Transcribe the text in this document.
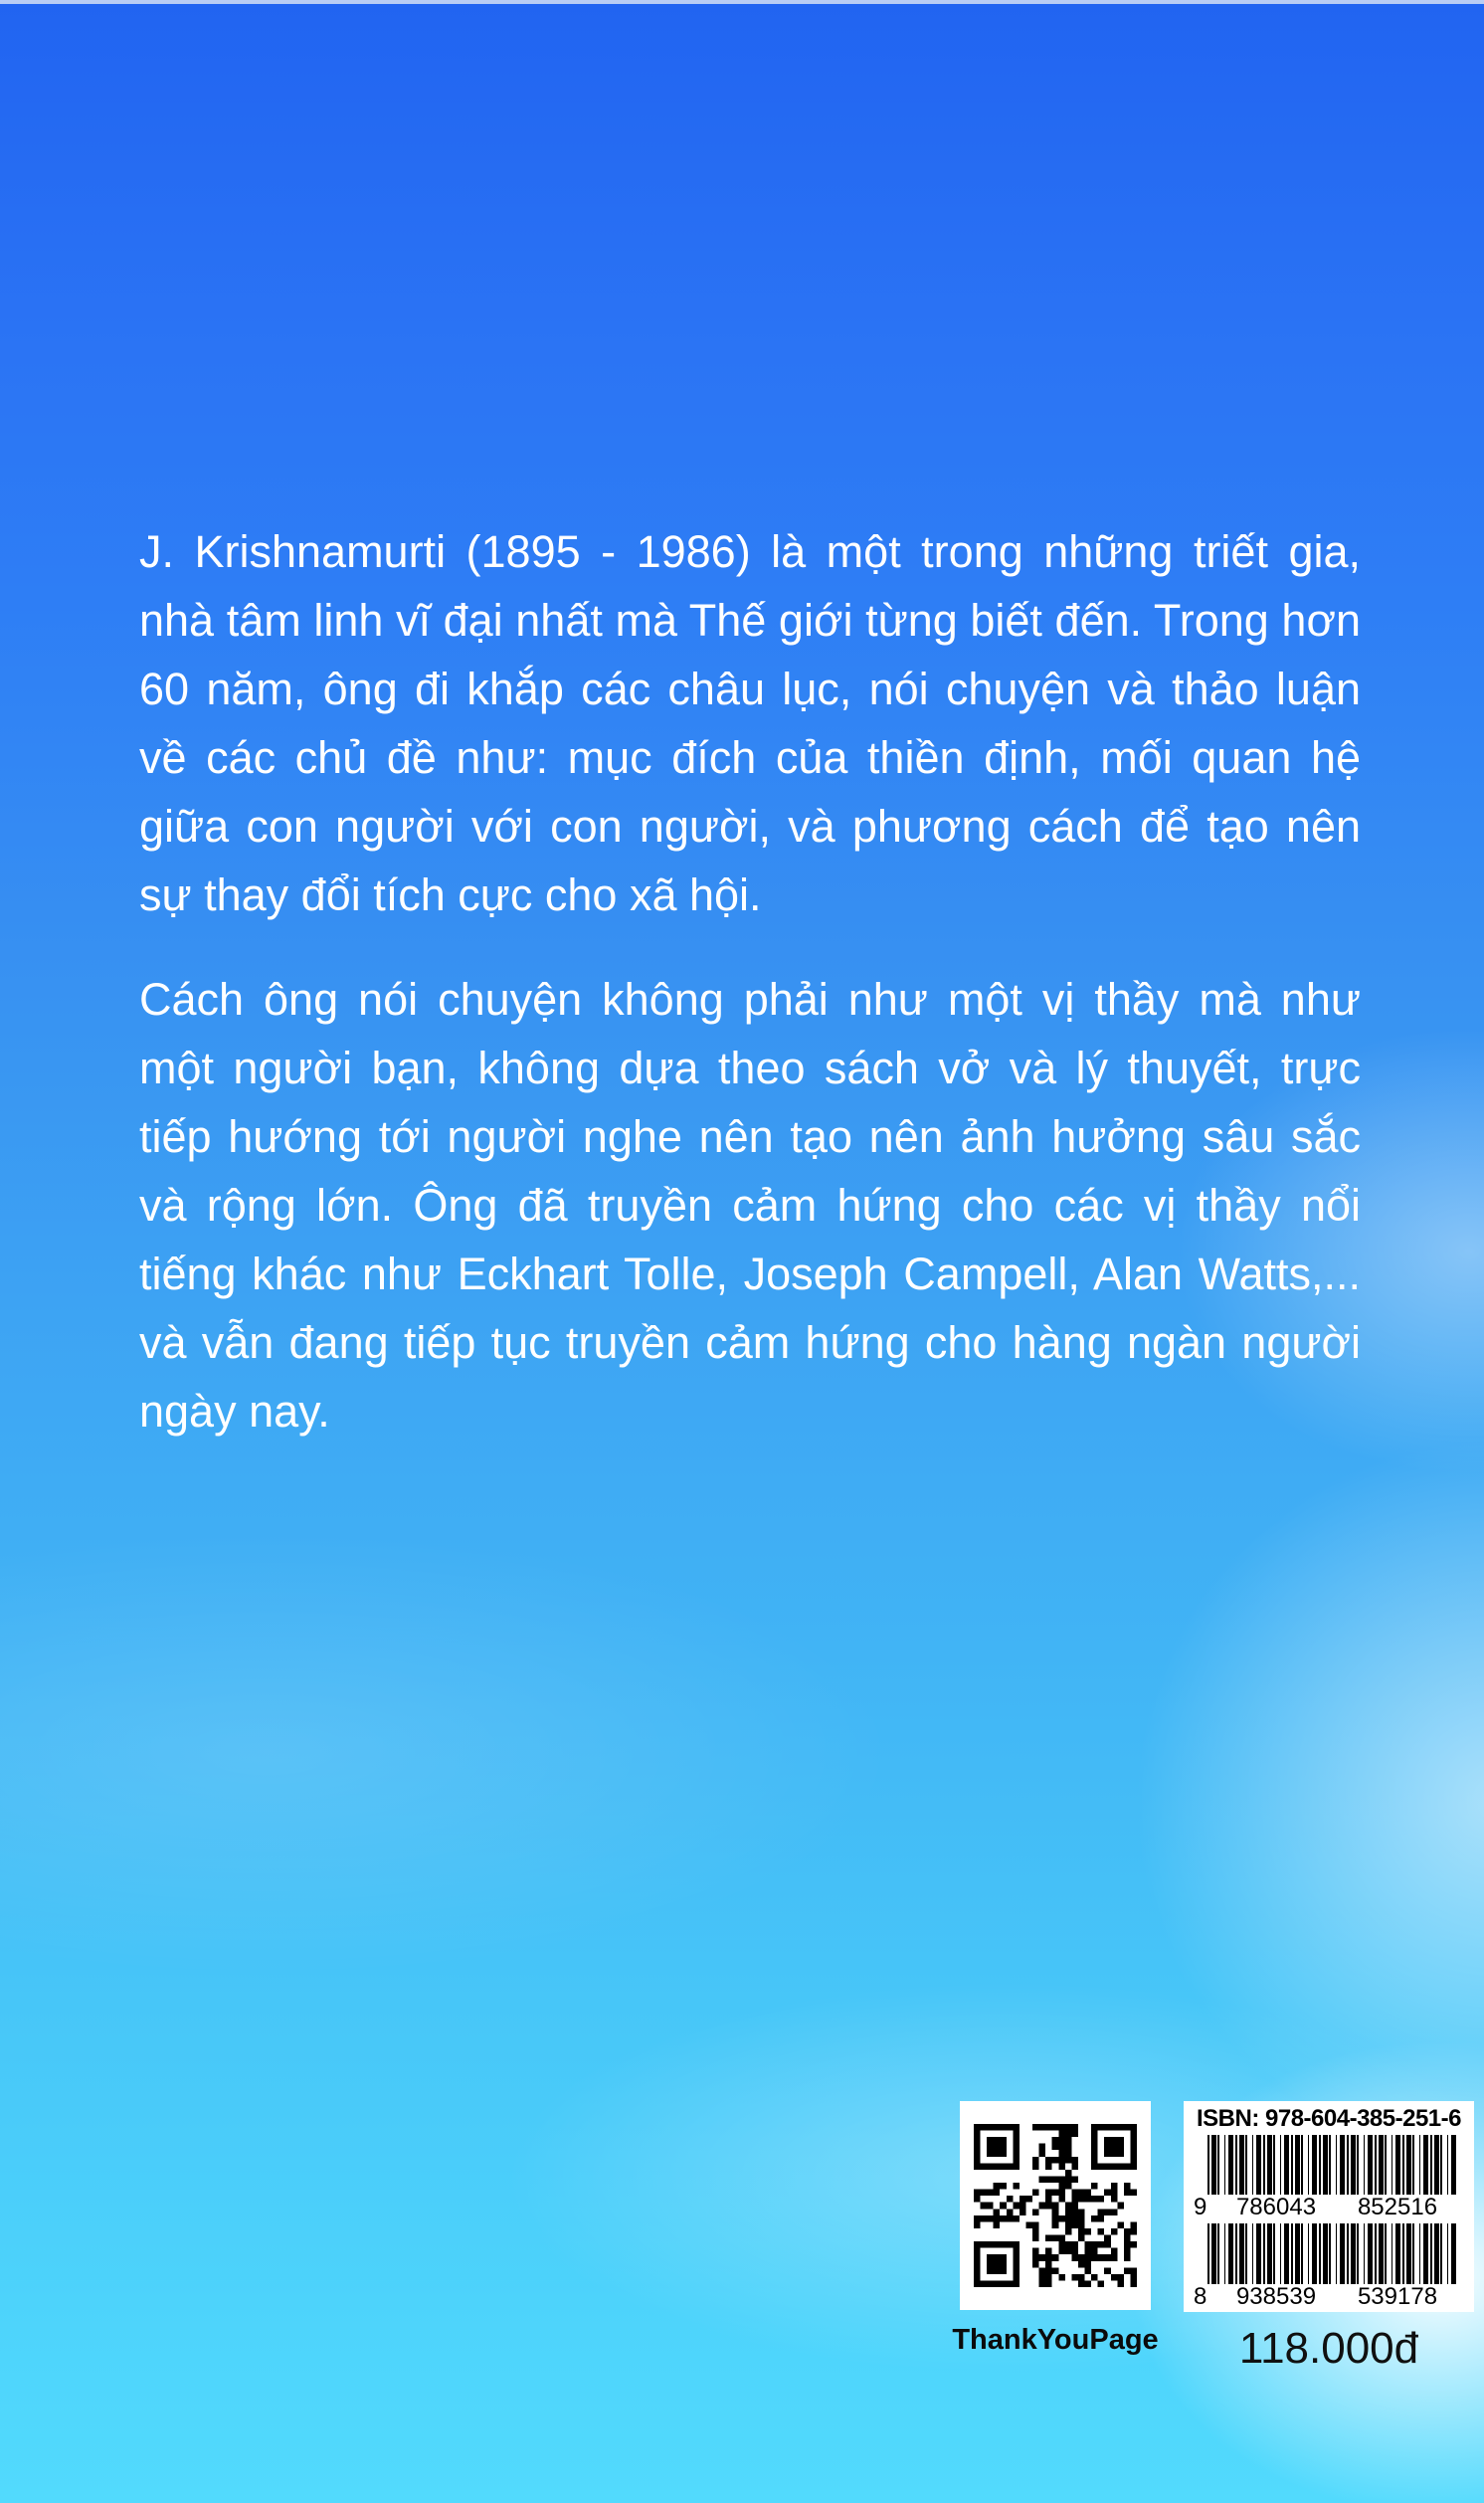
J. Krishnamurti (1895 - 1986) là một trong những triết gia, nhà tâm linh vĩ đại nhất mà Thế giới từng biết đến. Trong hơn 60 năm, ông đi khắp các châu lục, nói chuyện và thảo luận về các chủ đề như: mục đích của thiền định, mối quan hệ giữa con người với con người, và phương cách để tạo nên sự thay đổi tích cực cho xã hội.

Cách ông nói chuyện không phải như một vị thầy mà như một người bạn, không dựa theo sách vở và lý thuyết, trực tiếp hướng tới người nghe nên tạo nên ảnh hưởng sâu sắc và rộng lớn. Ông đã truyền cảm hứng cho các vị thầy nổi tiếng khác như Eckhart Tolle, Joseph Campell, Alan Watts,... và vẫn đang tiếp tục truyền cảm hứng cho hàng ngàn người ngày nay.

ThankYouPage
ISBN: 978-604-385-251-6
9	786043	852516
8	938539	539178
118.000đ
